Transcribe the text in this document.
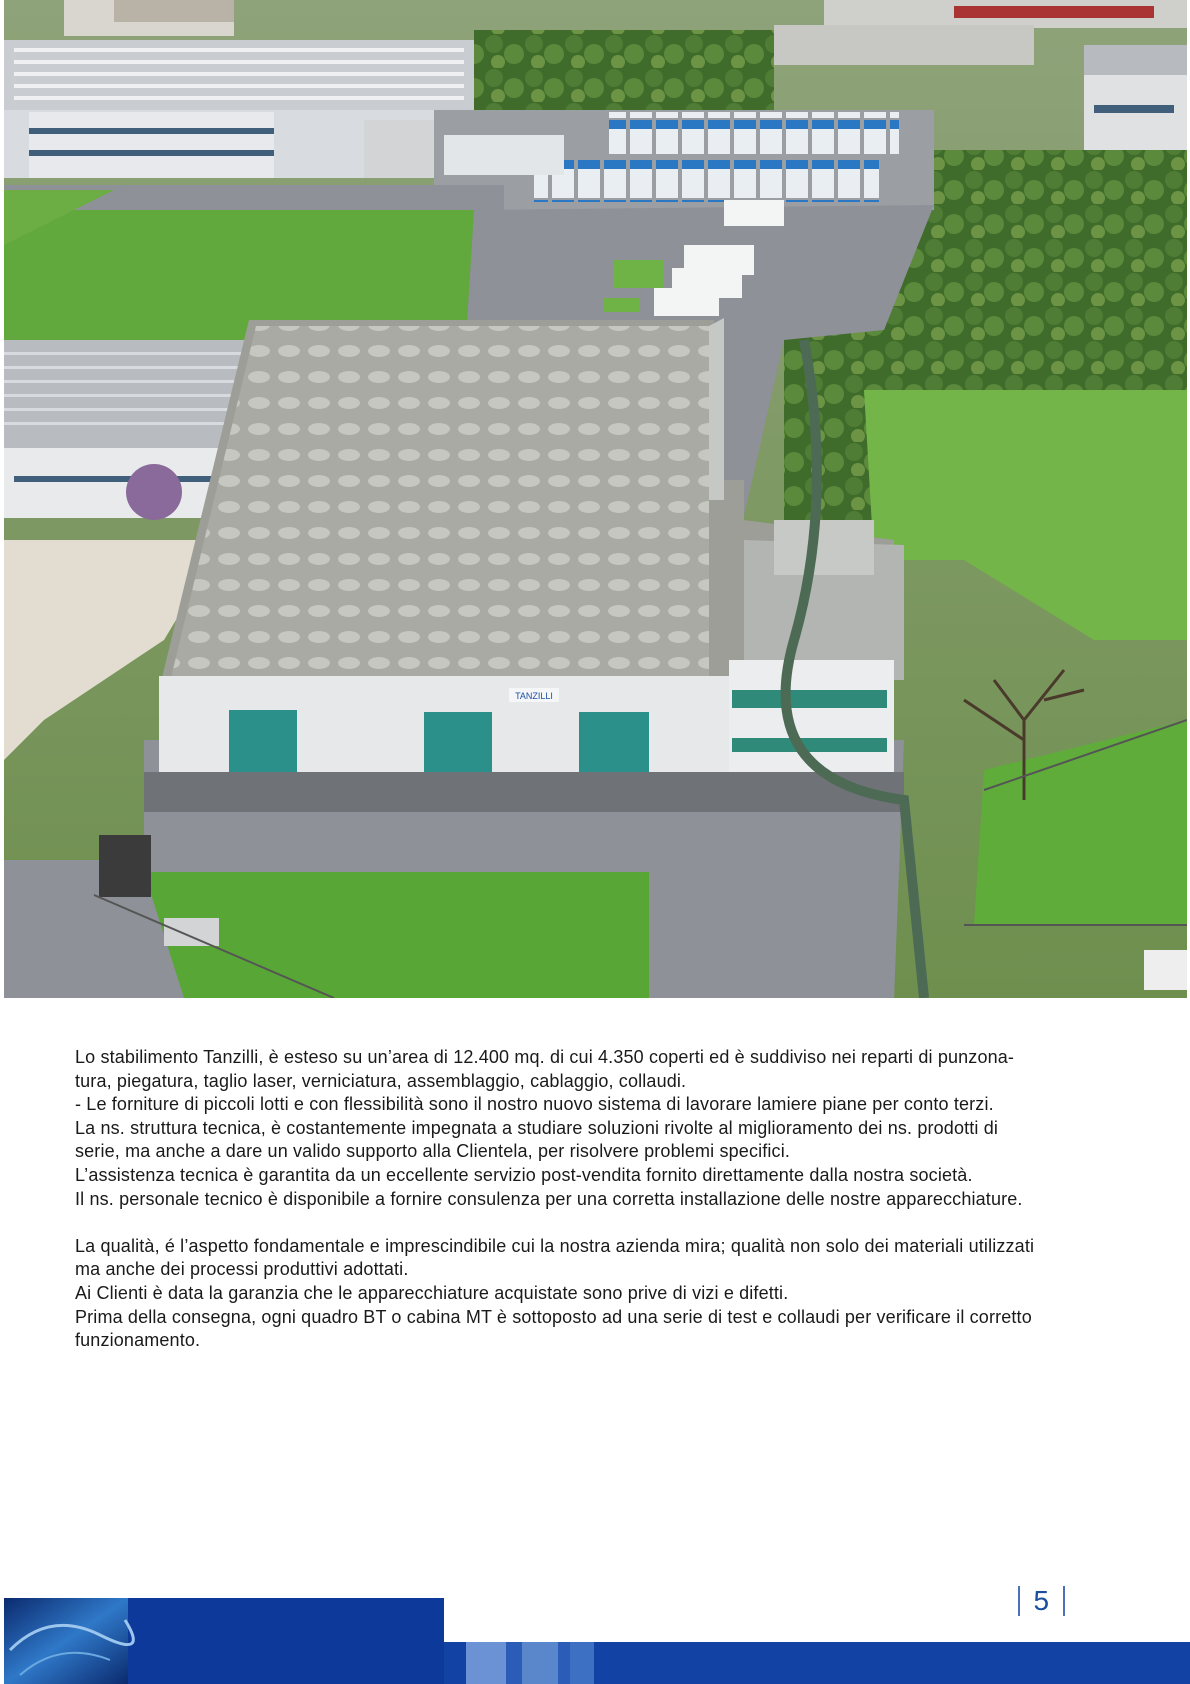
TANZILLI

Lo stabilimento Tanzilli, è esteso su un’area di 12.400 mq. di cui 4.350 coperti ed è suddiviso nei reparti di punzona-
tura, piegatura, taglio laser, verniciatura, assemblaggio, cablaggio, collaudi.
- Le forniture di piccoli lotti e con flessibilità sono il nostro nuovo sistema di lavorare lamiere piane per conto terzi.
La ns. struttura tecnica, è costantemente impegnata a studiare soluzioni rivolte al miglioramento dei ns. prodotti di
serie, ma anche a dare un valido supporto alla Clientela, per risolvere problemi specifici.
L’assistenza tecnica è garantita da un eccellente servizio post-vendita fornito direttamente dalla nostra società.
Il ns. personale tecnico è disponibile a fornire consulenza per una corretta installazione delle nostre apparecchiature.

La qualità, é l’aspetto fondamentale e imprescindibile cui la nostra azienda mira; qualità non solo dei materiali utilizzati
ma anche dei processi produttivi adottati.
Ai Clienti è data la garanzia che le apparecchiature acquistate sono prive di vizi e difetti.
Prima della consegna, ogni quadro BT o cabina MT è sottoposto ad una serie di test e collaudi per verificare il corretto
funzionamento.

5
